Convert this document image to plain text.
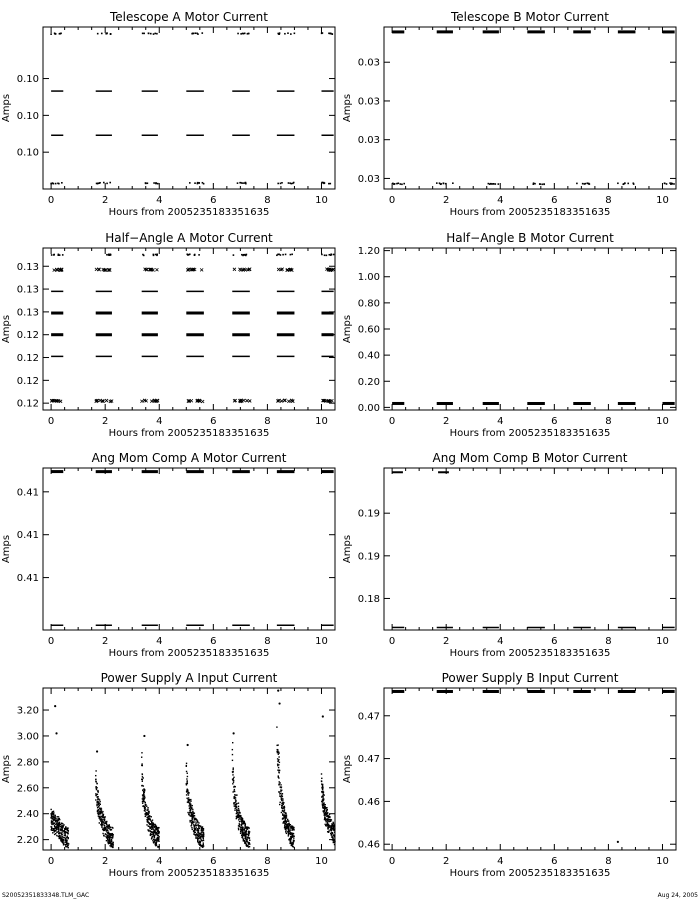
Telescope A Motor Current
Hours from 2005235183351635
Amps
0	2	4	6	8	10
0.10
0.10
0.10
Telescope B Motor Current
Hours from 2005235183351635
Amps
0	2	4	6	8	10
0.03
0.03
0.03
0.03
Half−Angle A Motor Current
Hours from 2005235183351635
Amps
0	2	4	6	8	10
0.12
0.12
0.12
0.12
0.13
0.13
0.13
Half−Angle B Motor Current
Hours from 2005235183351635
Amps
0	2	4	6	8	10
0.00
0.20
0.40
0.60
0.80
1.00
1.20
Ang Mom Comp A Motor Current
Hours from 2005235183351635
Amps
0	2	4	6	8	10
0.41
0.41
0.41
Ang Mom Comp B Motor Current
Hours from 2005235183351635
Amps
0	2	4	6	8	10
0.18
0.19
0.19
Power Supply A Input Current
Hours from 2005235183351635
Amps
0	2	4	6	8	10
2.20
2.40
2.60
2.80
3.00
3.20
Power Supply B Input Current
Hours from 2005235183351635
Amps
0	2	4	6	8	10
0.46
0.46
0.47
0.47
S20052351833348.TLM_GAC	Aug 24, 2005
